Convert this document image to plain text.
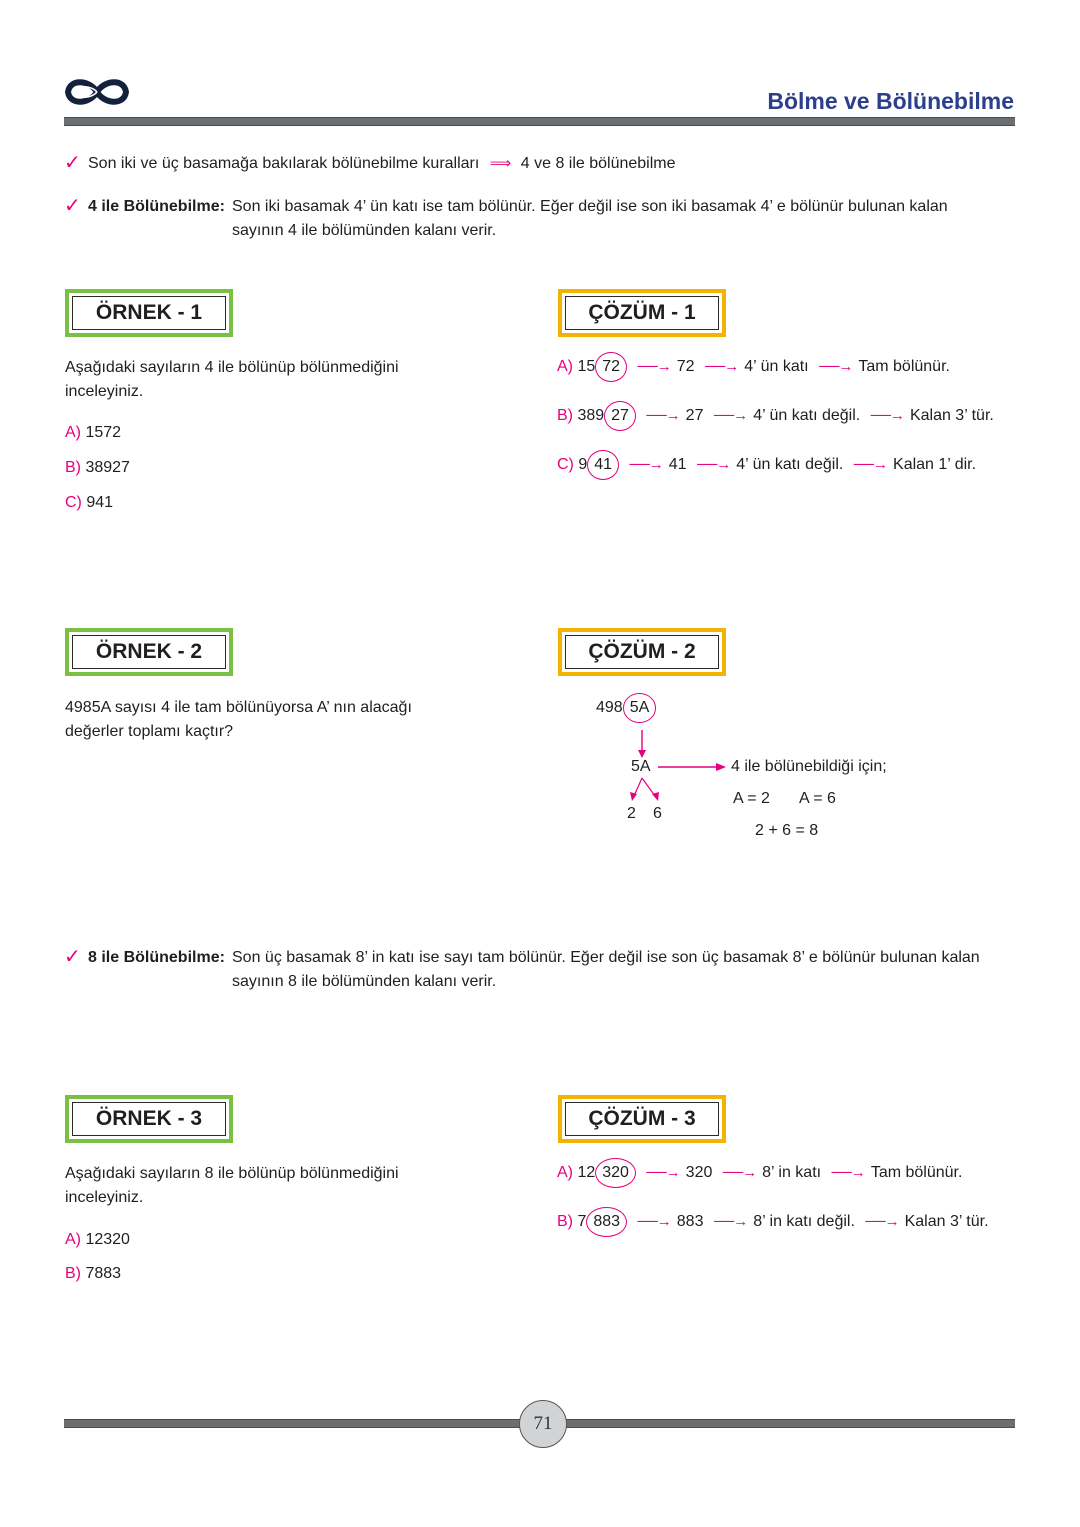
Bölme ve Bölünebilme
✓ Son iki ve üç basamağa bakılarak bölünebilme kuralları ⟹ 4 ve 8 ile bölünebilme
✓ 4 ile Bölünebilme: Son iki basamak 4’ ün katı ise tam bölünür. Eğer değil ise son iki basamak 4’ e bölünür bulunan kalan
sayının 4 ile bölümünden kalanı verir.
ÖRNEK - 1
Aşağıdaki sayıların 4 ile bölünüp bölünmediğini
inceleyiniz.
A) 1572
B) 38927
C) 941
ÇÖZÜM - 1
A) 15 72 ──→ 72 ──→ 4’ ün katı ──→ Tam bölünür.
B) 389 27 ──→ 27 ──→ 4’ ün katı değil. ──→ Kalan 3’ tür.
C) 9 41 ──→ 41 ──→ 4’ ün katı değil. ──→ Kalan 1’ dir.
ÖRNEK - 2
4985A sayısı 4 ile tam bölünüyorsa A’ nın alacağı
değerler toplamı kaçtır?
ÇÖZÜM - 2
498 5A
5A	4 ile bölünebildiği için;
2 6
A = 2 A = 6
2 + 6 = 8
✓ 8 ile Bölünebilme: Son üç basamak 8’ in katı ise sayı tam bölünür. Eğer değil ise son üç basamak 8’ e bölünür bulunan kalan
sayının 8 ile bölümünden kalanı verir.
ÖRNEK - 3
Aşağıdaki sayıların 8 ile bölünüp bölünmediğini
inceleyiniz.
A) 12320
B) 7883
ÇÖZÜM - 3
A) 12 320 ──→ 320 ──→ 8’ in katı ──→ Tam bölünür.
B) 7 883 ──→ 883 ──→ 8’ in katı değil. ──→ Kalan 3’ tür.
71
